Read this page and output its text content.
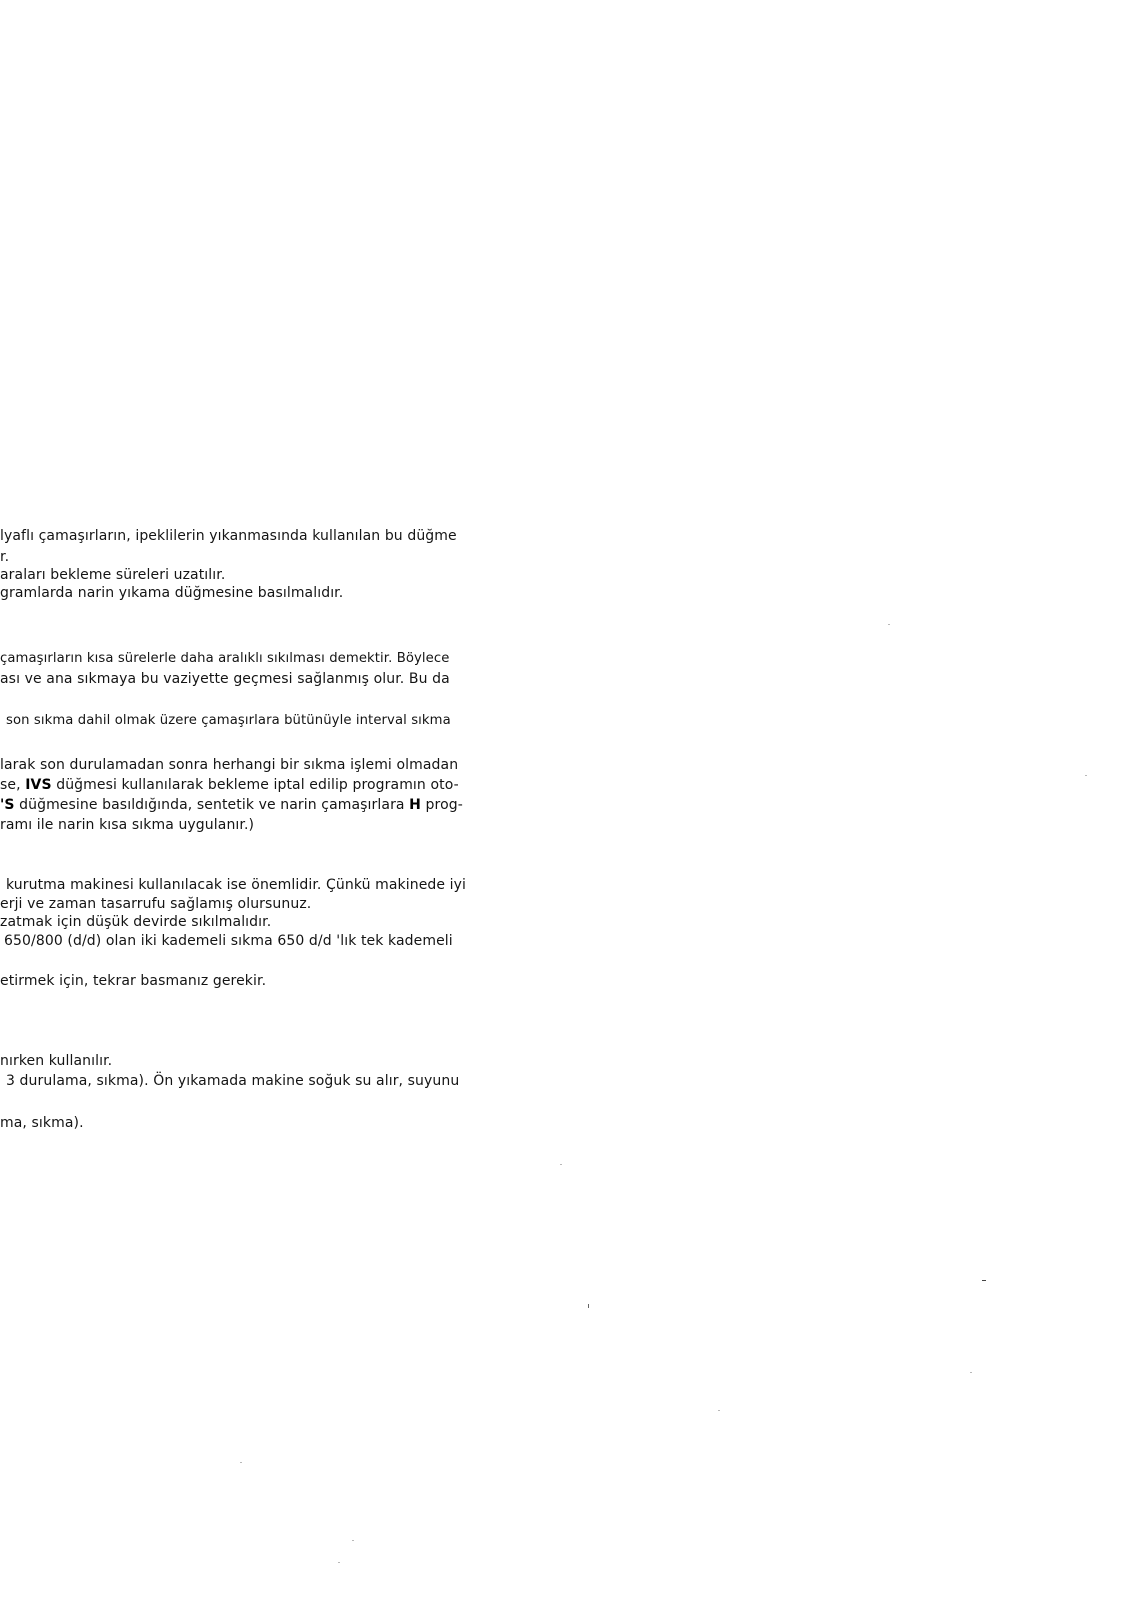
lyaflı çamaşırların, ipeklilerin yıkanmasında kullanılan bu düğme
r.
araları bekleme süreleri uzatılır.
gramlarda narin yıkama düğmesine basılmalıdır.
çamaşırların kısa sürelerle daha aralıklı sıkılması demektir. Böylece
ası ve ana sıkmaya bu vaziyette geçmesi sağlanmış olur. Bu da
son sıkma dahil olmak üzere çamaşırlara bütünüyle interval sıkma
larak son durulamadan sonra herhangi bir sıkma işlemi olmadan
se, IVS düğmesi kullanılarak bekleme iptal edilip programın oto-
'S düğmesine basıldığında, sentetik ve narin çamaşırlara H prog-
ramı ile narin kısa sıkma uygulanır.)
kurutma makinesi kullanılacak ise önemlidir. Çünkü makinede iyi
erji ve zaman tasarrufu sağlamış olursunuz.
zatmak için düşük devirde sıkılmalıdır.
650/800 (d/d) olan iki kademeli sıkma 650 d/d 'lık tek kademeli
etirmek için, tekrar basmanız gerekir.
nırken kullanılır.
3 durulama, sıkma). Ön yıkamada makine soğuk su alır, suyunu
ma, sıkma).
